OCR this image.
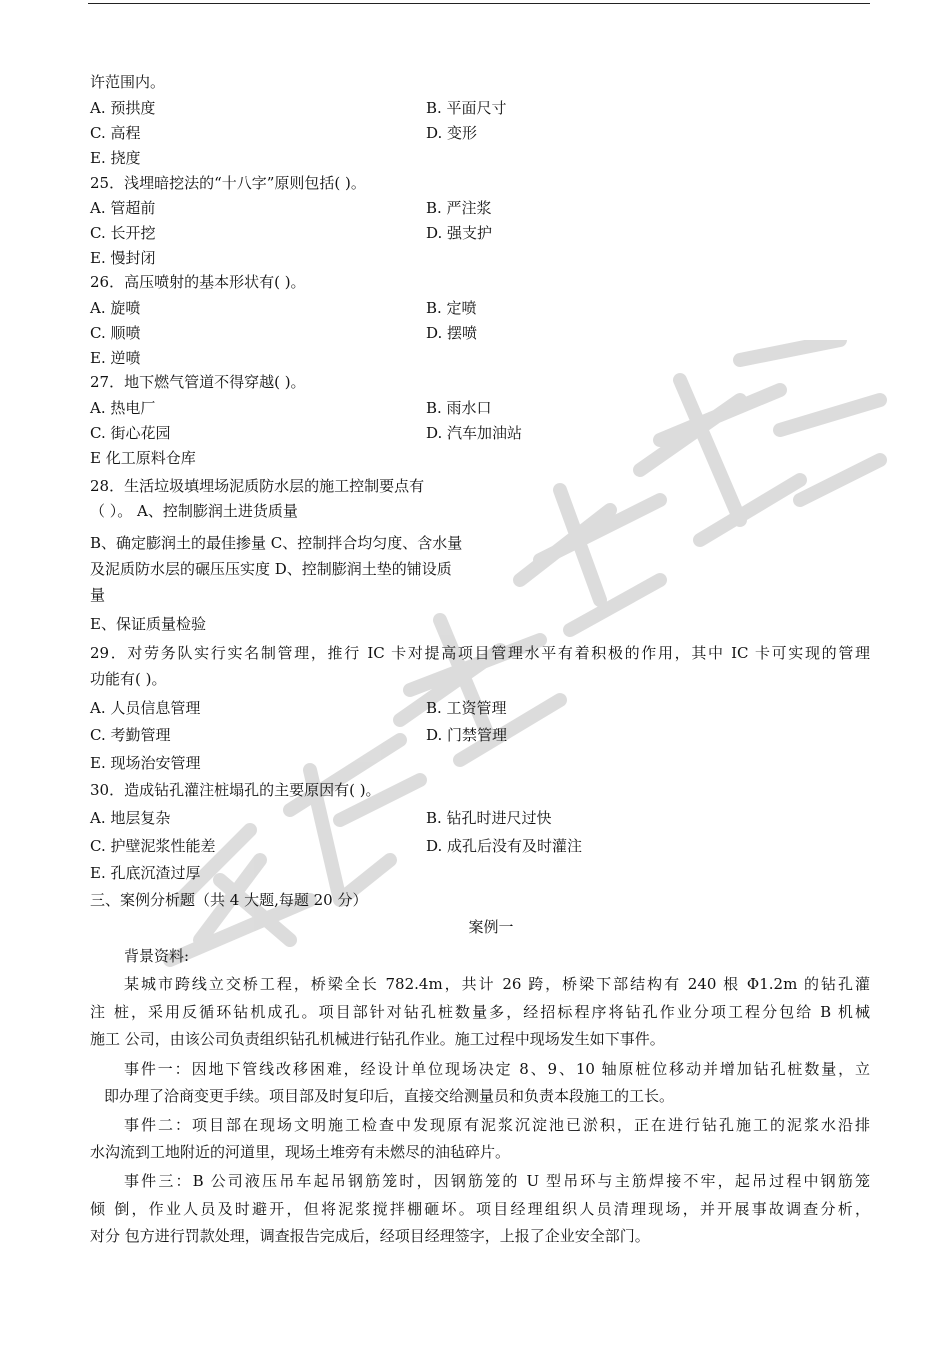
许范围内。
A. 预拱度	B. 平面尺寸
C. 高程	D. 变形
E. 挠度
25．浅埋暗挖法的“十八字”原则包括( )。
A. 管超前	B. 严注浆
C. 长开挖	D. 强支护
E. 慢封闭
26．高压喷射的基本形状有( )。
A. 旋喷	B. 定喷
C. 顺喷	D. 摆喷
E. 逆喷
27．地下燃气管道不得穿越( )。
A. 热电厂	B. 雨水口
C. 街心花园	D. 汽车加油站
E 化工原料仓库
28．生活垃圾填埋场泥质防水层的施工控制要点有
（ ）。 A、控制膨润土进货质量
B、确定膨润土的最佳掺量 C、控制拌合均匀度、含水量
及泥质防水层的碾压压实度 D、控制膨润土垫的铺设质
量
E、保证质量检验
29．对劳务队实行实名制管理，推行 IC 卡对提高项目管理水平有着积极的作用，其中 IC 卡可实现的管理
功能有( )。
A. 人员信息管理	B. 工资管理
C. 考勤管理	D. 门禁管理
E. 现场治安管理
30．造成钻孔灌注桩塌孔的主要原因有( )。
A. 地层复杂	B. 钻孔时进尺过快
C. 护壁泥浆性能差	D. 成孔后没有及时灌注
E. 孔底沉渣过厚
三、案例分析题（共 4 大题,每题 20 分）
案例一
背景资料:
某城市跨线立交桥工程，桥梁全长 782.4m，共计 26 跨，桥梁下部结构有 240 根 Φ1.2m 的钻孔灌
注 桩，采用反循环钻机成孔。项目部针对钻孔桩数量多，经招标程序将钻孔作业分项工程分包给 B 机械
施工 公司，由该公司负责组织钻孔机械进行钻孔作业。施工过程中现场发生如下事件。
事件一：因地下管线改移困难，经设计单位现场决定 8、9、10 轴原桩位移动并增加钻孔桩数量，立
即办理了洽商变更手续。项目部及时复印后，直接交给测量员和负责本段施工的工长。
事件二：项目部在现场文明施工检查中发现原有泥浆沉淀池已淤积，正在进行钻孔施工的泥浆水沿排
水沟流到工地附近的河道里，现场土堆旁有未燃尽的油毡碎片。
事件三：B 公司液压吊车起吊钢筋笼时，因钢筋笼的 U 型吊环与主筋焊接不牢，起吊过程中钢筋笼
倾 倒，作业人员及时避开，但将泥浆搅拌棚砸坏。项目经理组织人员清理现场，并开展事故调查分析，
对分 包方进行罚款处理，调查报告完成后，经项目经理签字，上报了企业安全部门。
